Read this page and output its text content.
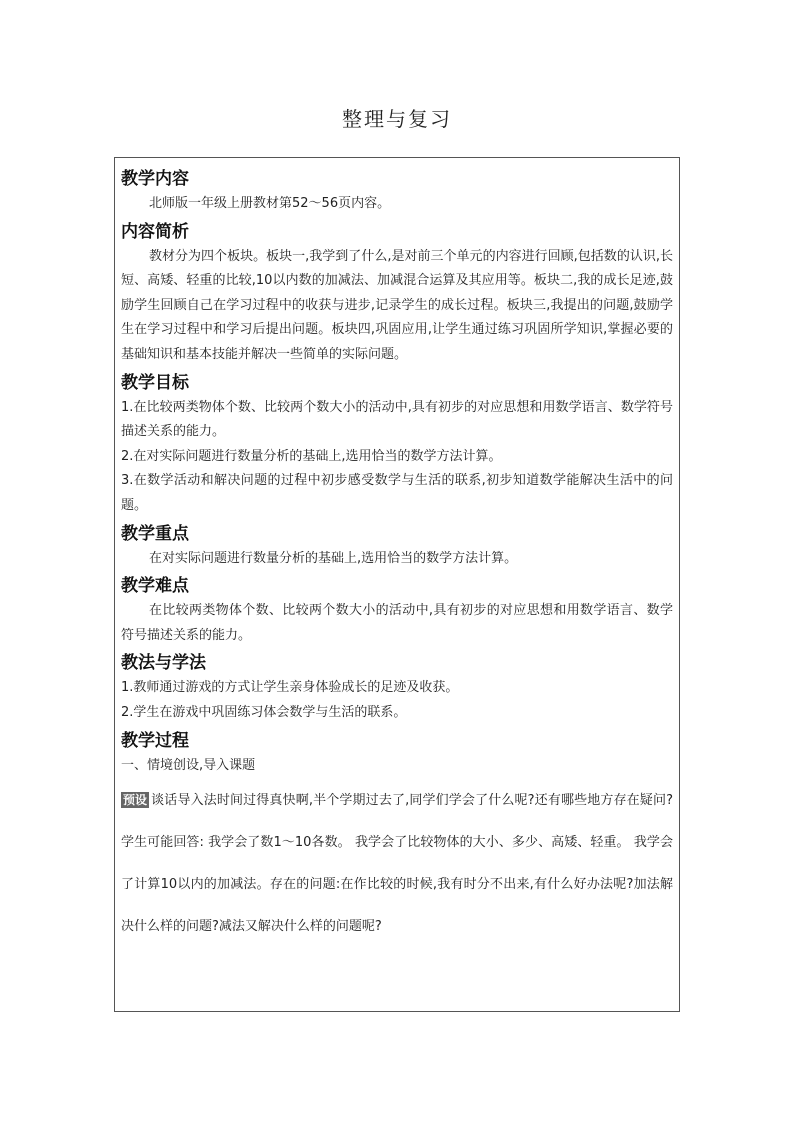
整理与复习
教学内容

北师版一年级上册教材第52～56页内容。

内容简析

教材分为四个板块。板块一,我学到了什么,是对前三个单元的内容进行回顾,包括数的认识,长短、高矮、轻重的比较,10以内数的加减法、加减混合运算及其应用等。板块二,我的成长足迹,鼓励学生回顾自己在学习过程中的收获与进步,记录学生的成长过程。板块三,我提出的问题,鼓励学生在学习过程中和学习后提出问题。板块四,巩固应用,让学生通过练习巩固所学知识,掌握必要的基础知识和基本技能并解决一些简单的实际问题。

教学目标

1.在比较两类物体个数、比较两个数大小的活动中,具有初步的对应思想和用数学语言、数学符号描述关系的能力。

2.在对实际问题进行数量分析的基础上,选用恰当的数学方法计算。

3.在数学活动和解决问题的过程中初步感受数学与生活的联系,初步知道数学能解决生活中的问题。

教学重点

在对实际问题进行数量分析的基础上,选用恰当的数学方法计算。

教学难点

在比较两类物体个数、比较两个数大小的活动中,具有初步的对应思想和用数学语言、数学符号描述关系的能力。

教法与学法

1.教师通过游戏的方式让学生亲身体验成长的足迹及收获。

2.学生在游戏中巩固练习体会数学与生活的联系。

教学过程

一、情境创设,导入课题

预设 谈话导入法时间过得真快啊,半个学期过去了,同学们学会了什么呢?还有哪些地方存在疑问?学生可能回答: 我学会了数1～10各数。 我学会了比较物体的大小、多少、高矮、轻重。 我学会了计算10以内的加减法。存在的问题:在作比较的时候,我有时分不出来,有什么好办法呢?加法解决什么样的问题?减法又解决什么样的问题呢?
